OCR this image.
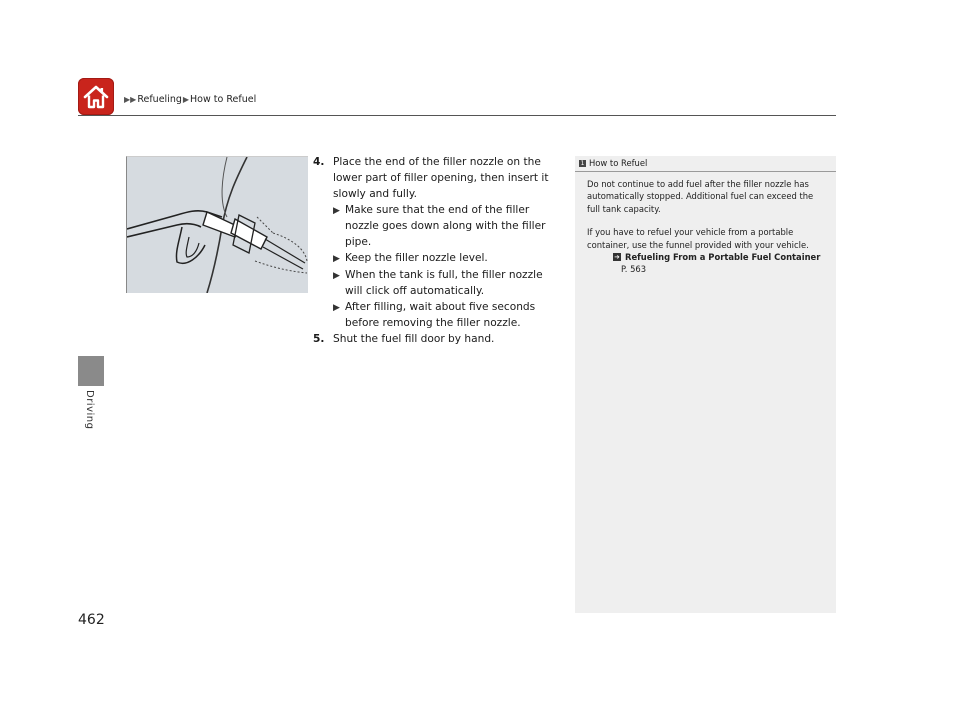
▶▶ Refueling ▶ How to Refuel
Driving
462
4. Place the end of the filler nozzle on the lower part of filler opening, then insert it slowly and fully.
▶ Make sure that the end of the filler nozzle goes down along with the filler pipe.
▶ Keep the filler nozzle level.
▶ When the tank is full, the filler nozzle will click off automatically.
▶ After filling, wait about five seconds before removing the filler nozzle.
5. Shut the fuel fill door by hand.
1 How to Refuel

Do not continue to add fuel after the filler nozzle has automatically stopped. Additional fuel can exceed the full tank capacity.

If you have to refuel your vehicle from a portable container, use the funnel provided with your vehicle.

➔ Refueling From a Portable Fuel Container
P. 563
